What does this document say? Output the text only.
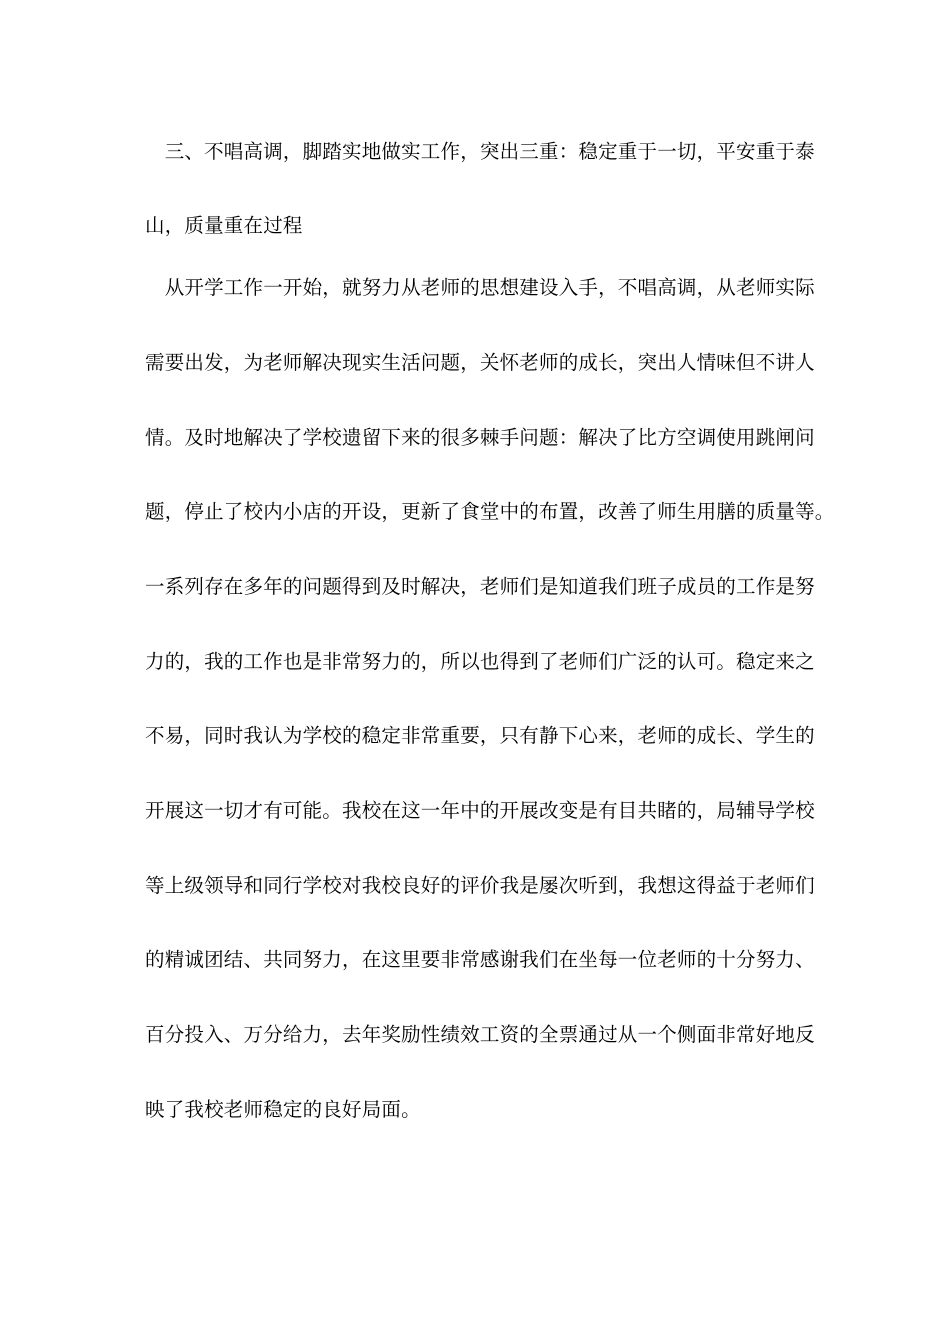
　三、不唱高调，脚踏实地做实工作，突出三重：稳定重于一切，平安重于泰
山，质量重在过程
　从开学工作一开始，就努力从老师的思想建设入手，不唱高调，从老师实际
需要出发，为老师解决现实生活问题，关怀老师的成长，突出人情味但不讲人
情。及时地解决了学校遗留下来的很多棘手问题：解决了比方空调使用跳闸问
题，停止了校内小店的开设，更新了食堂中的布置，改善了师生用膳的质量等。
一系列存在多年的问题得到及时解决，老师们是知道我们班子成员的工作是努
力的，我的工作也是非常努力的，所以也得到了老师们广泛的认可。稳定来之
不易，同时我认为学校的稳定非常重要，只有静下心来，老师的成长、学生的
开展这一切才有可能。我校在这一年中的开展改变是有目共睹的，局辅导学校
等上级领导和同行学校对我校良好的评价我是屡次听到，我想这得益于老师们
的精诚团结、共同努力，在这里要非常感谢我们在坐每一位老师的十分努力、
百分投入、万分给力，去年奖励性绩效工资的全票通过从一个侧面非常好地反
映了我校老师稳定的良好局面。
